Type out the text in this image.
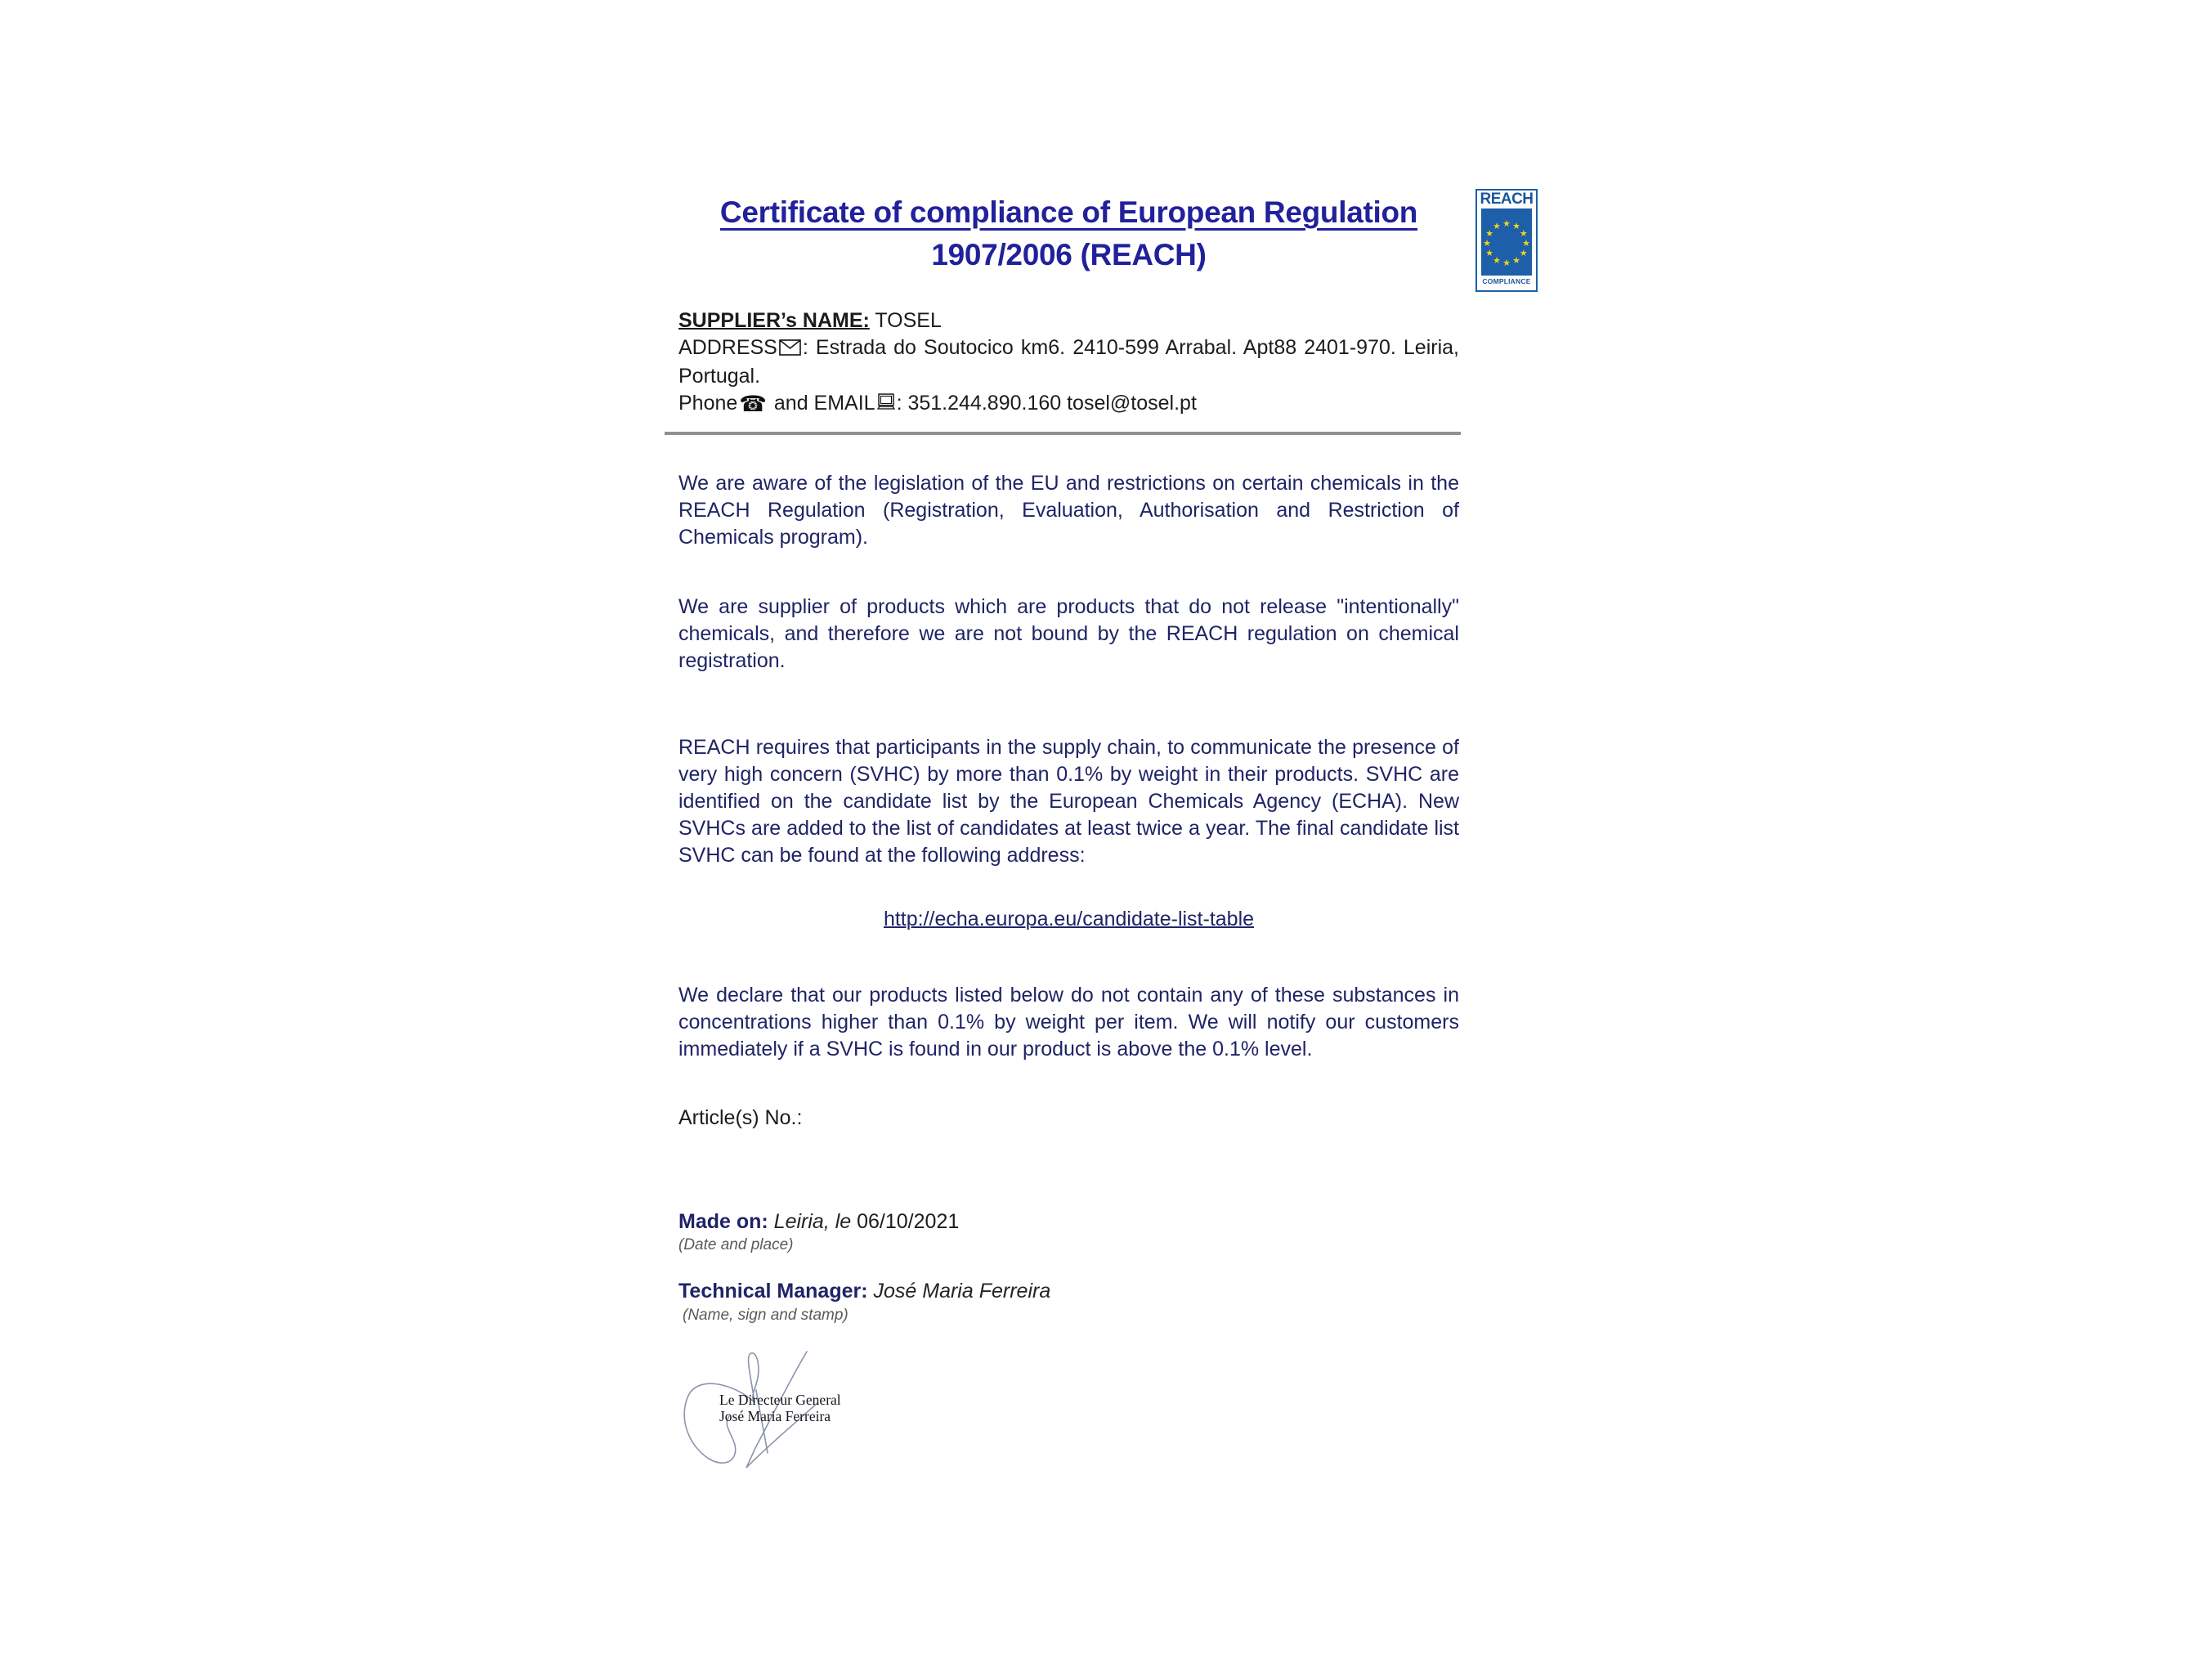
Certificate of compliance of European Regulation
1907/2006 (REACH)
SUPPLIER’s NAME: TOSEL

ADDRESS : Estrada do Soutocico km6. 2410-599 Arrabal. Apt88 2401-970. Leiria, Portugal.

Phone☎ and EMAIL : 351.244.890.160 tosel@tosel.pt

We are aware of the legislation of the EU and restrictions on certain chemicals in the REACH Regulation (Registration, Evaluation, Authorisation and Restriction of Chemicals program).

We are supplier of products which are products that do not release "intentionally" chemicals, and therefore we are not bound by the REACH regulation on chemical registration.

REACH requires that participants in the supply chain, to communicate the presence of very high concern (SVHC) by more than 0.1% by weight in their products. SVHC are identified on the candidate list by the European Chemicals Agency (ECHA). New SVHCs are added to the list of candidates at least twice a year. The final candidate list SVHC can be found at the following address:

http://echa.europa.eu/candidate-list-table

We declare that our products listed below do not contain any of these substances in concentrations higher than 0.1% by weight per item. We will notify our customers immediately if a SVHC is found in our product is above the 0.1% level.

Article(s) No.:
Made on: Leiria, le 06/10/2021
(Date and place)
Technical Manager: José Maria Ferreira
(Name, sign and stamp)
Le Directeur General
José Maria Ferreira
REACH
★ ★
★
★
★
★
★
★
★
★
★
★
COMPLIANCE
